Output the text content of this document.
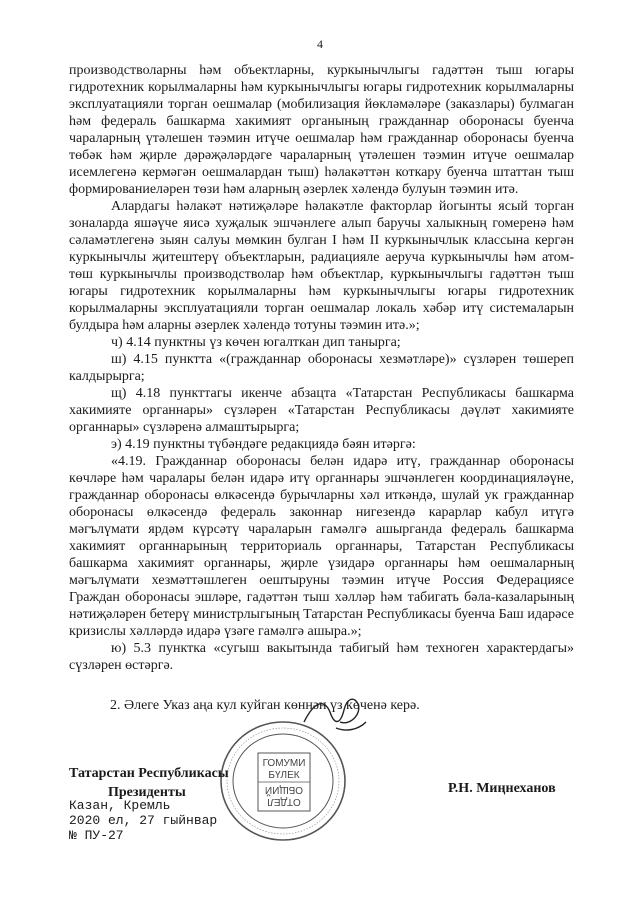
4

производстволарны һәм объектларны, куркынычлыгы гадәттән тыш югары гидротехник корылмаларны һәм куркынычлыгы югары гидротехник корылмаларны эксплуатацияли торган оешмалар (мобилизация йөкләмәләре (заказлары) булмаган һәм федераль башкарма хакимият органының гражданнар оборонасы буенча чараларның үтәлешен тәэмин итүче оешмалар һәм гражданнар оборонасы буенча төбәк һәм җирле дәрәҗәләрдәге чараларның үтәлешен тәэмин итүче оешмалар исемлегенә кермәгән оешмалардан тыш) һәлакәттән коткару буенча штаттан тыш формированиеләрен төзи һәм аларның әзерлек хәлендә булуын тәэмин итә.

Алардагы һәлакәт нәтиҗәләре һәлакәтле факторлар йогынты ясый торган зоналарда яшәүче яисә хуҗалык эшчәнлеге алып баручы халыкның гомеренә һәм сәламәтлегенә зыян салуы мөмкин булган I һәм II куркынычлык классына кергән куркынычлы җитештерү объектларын, радиацияле аеруча куркынычлы һәм атом-төш куркынычлы производстволар һәм объектлар, куркынычлыгы гадәттән тыш югары гидротехник корылмаларны һәм куркынычлыгы югары гидротехник корылмаларны эксплуатацияли торган оешмалар локаль хәбәр итү системаларын булдыра һәм аларны әзерлек хәлендә тотуны тәэмин итә.»;

ч) 4.14 пунктны үз көчен югалткан дип танырга;

ш) 4.15 пунктта «(гражданнар оборонасы хезмәтләре)» сүзләрен төшереп калдырырга;

щ) 4.18 пункттагы икенче абзацта «Татарстан Республикасы башкарма хакимияте органнары» сүзләрен «Татарстан Республикасы дәүләт хакимияте органнары» сүзләренә алмаштырырга;

э) 4.19 пунктны түбәндәге редакциядә бәян итәргә:

«4.19. Гражданнар оборонасы белән идарә итү, гражданнар оборонасы көчләре һәм чаралары белән идарә итү органнары эшчәнлеген координацияләүне, гражданнар оборонасы өлкәсендә бурычларны хәл иткәндә, шулай ук гражданнар оборонасы өлкәсендә федераль законнар нигезендә карарлар кабул итүгә мәгълүмати ярдәм күрсәтү чараларын гамәлгә ашырганда федераль башкарма хакимият органнарының территориаль органнары, Татарстан Республикасы башкарма хакимият органнары, җирле үзидарә органнары һәм оешмаларның мәгълүмати хезмәттәшлеген оештыруны тәэмин итүче Россия Федерациясе Граждан оборонасы эшләре, гадәттән тыш хәлләр һәм табигать бәла-казаларының нәтиҗәләрен бетерү министрлыгының Татарстан Республикасы буенча Баш идарәсе кризислы хәлләрдә идарә үзәге гамәлгә ашыра.»;

ю) 5.3 пунктка «сугыш вакытында табигый һәм техноген характердагы» сүзләрен өстәргә.

2. Әлеге Указ аңа кул куйган көннән үз көченә керә.
ГОМУМИ
БҮЛЕК
ОБЩИЙ
ОТДЕЛ
Татарстан Республикасы
Президенты	Р.Н. Миңнеханов
Казан, Кремль
2020 ел, 27 гыйнвар
№ ПУ-27
